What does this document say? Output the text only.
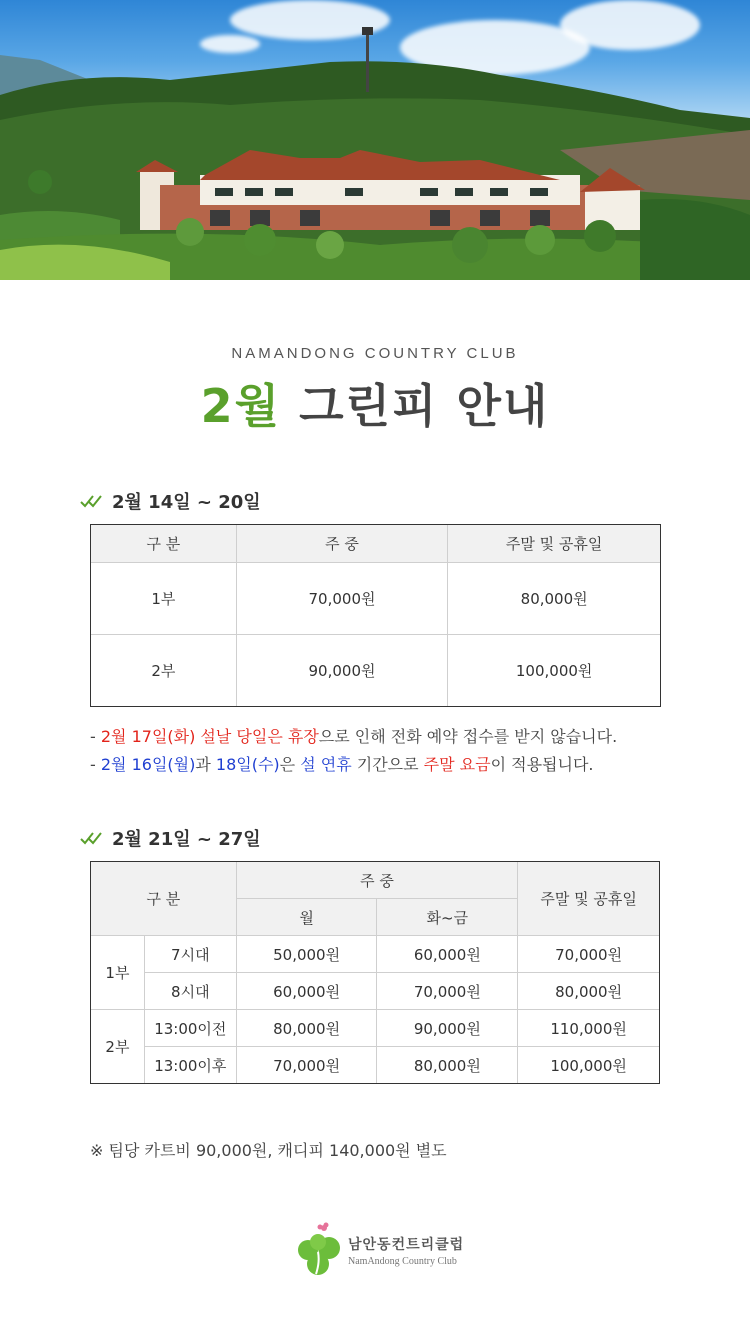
NAMANDONG COUNTRY CLUB
2월 그린피 안내
2월 14일 ~ 20일
구 분	주 중	주말 및 공휴일
1부	70,000원	80,000원
2부	90,000원	100,000원
- 2월 17일(화) 설날 당일은 휴장으로 인해 전화 예약 접수를 받지 않습니다.
- 2월 16일(월)과 18일(수)은 설 연휴 기간으로 주말 요금이 적용됩니다.
2월 21일 ~ 27일
구 분		주 중		주말 및 공휴일
		월	화~금	
1부	7시대	50,000원	60,000원	70,000원
	8시대	60,000원	70,000원	80,000원
2부	13:00이전	80,000원	90,000원	110,000원
	13:00이후	70,000원	80,000원	100,000원
※ 팀당 카트비 90,000원, 캐디피 140,000원 별도
남안동컨트리클럽
NamAndong Country Club
